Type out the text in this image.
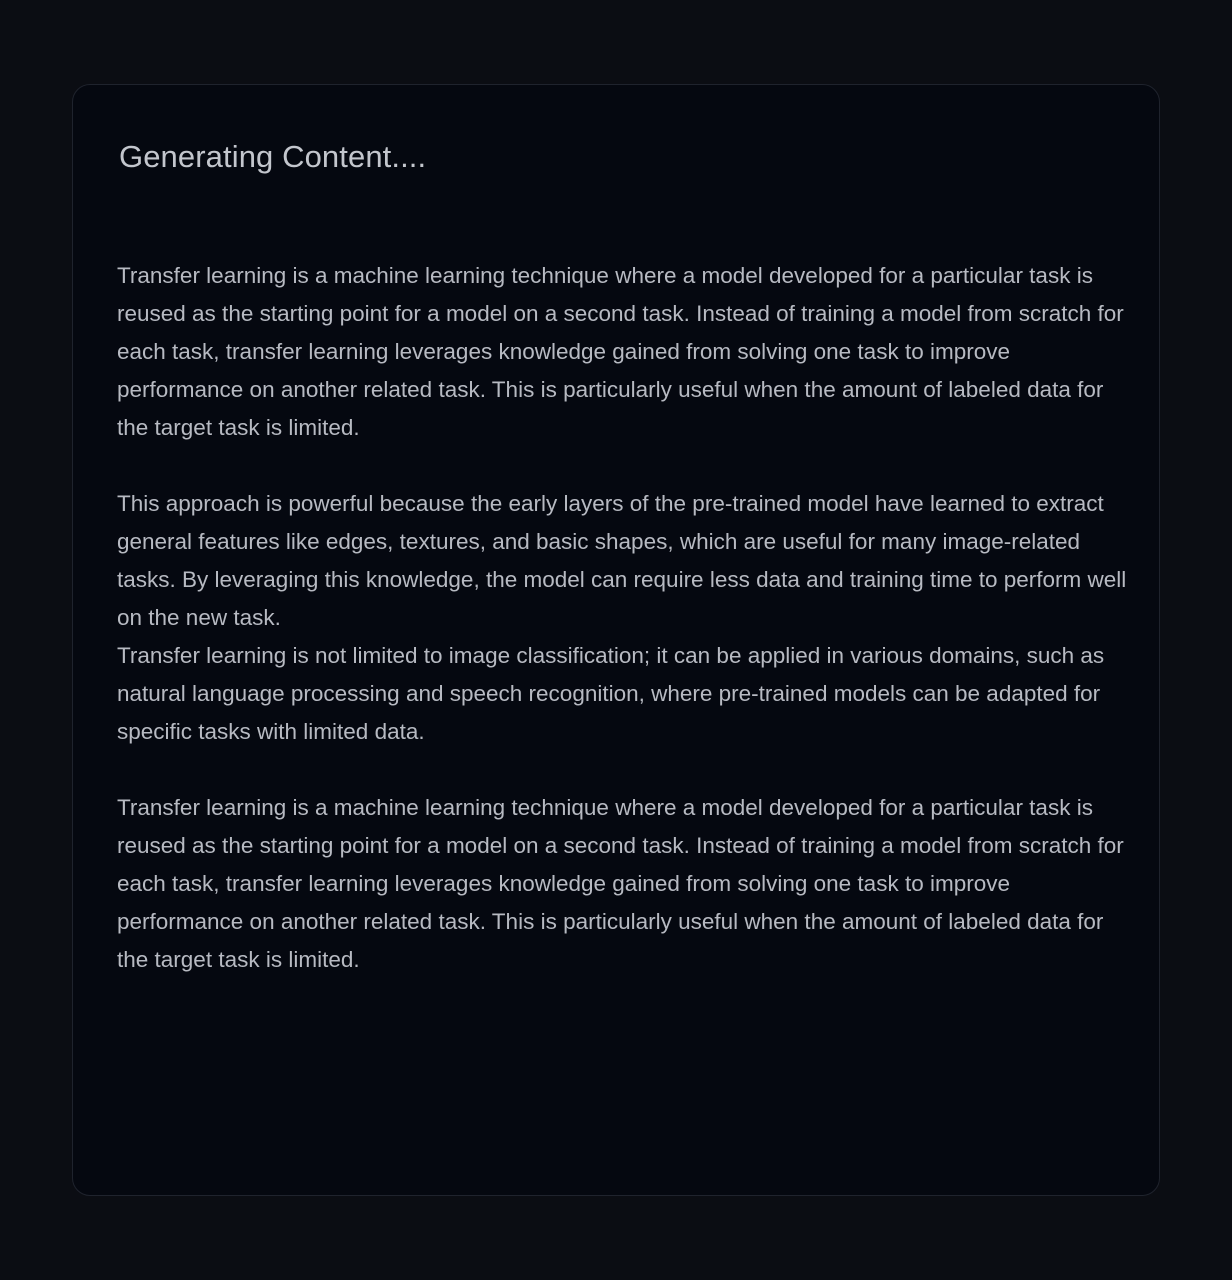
Generating Content....

Transfer learning is a machine learning technique where a model developed for a particular task is reused as the starting point for a model on a second task. Instead of training a model from scratch for each task, transfer learning leverages knowledge gained from solving one task to improve performance on another related task. This is particularly useful when the amount of labeled data for the target task is limited.

This approach is powerful because the early layers of the pre-trained model have learned to extract general features like edges, textures, and basic shapes, which are useful for many image-related tasks. By leveraging this knowledge, the model can require less data and training time to perform well on the new task.

Transfer learning is not limited to image classification; it can be applied in various domains, such as natural language processing and speech recognition, where pre-trained models can be adapted for specific tasks with limited data.

Transfer learning is a machine learning technique where a model developed for a particular task is reused as the starting point for a model on a second task. Instead of training a model from scratch for each task, transfer learning leverages knowledge gained from solving one task to improve performance on another related task. This is particularly useful when the amount of labeled data for the target task is limited.
